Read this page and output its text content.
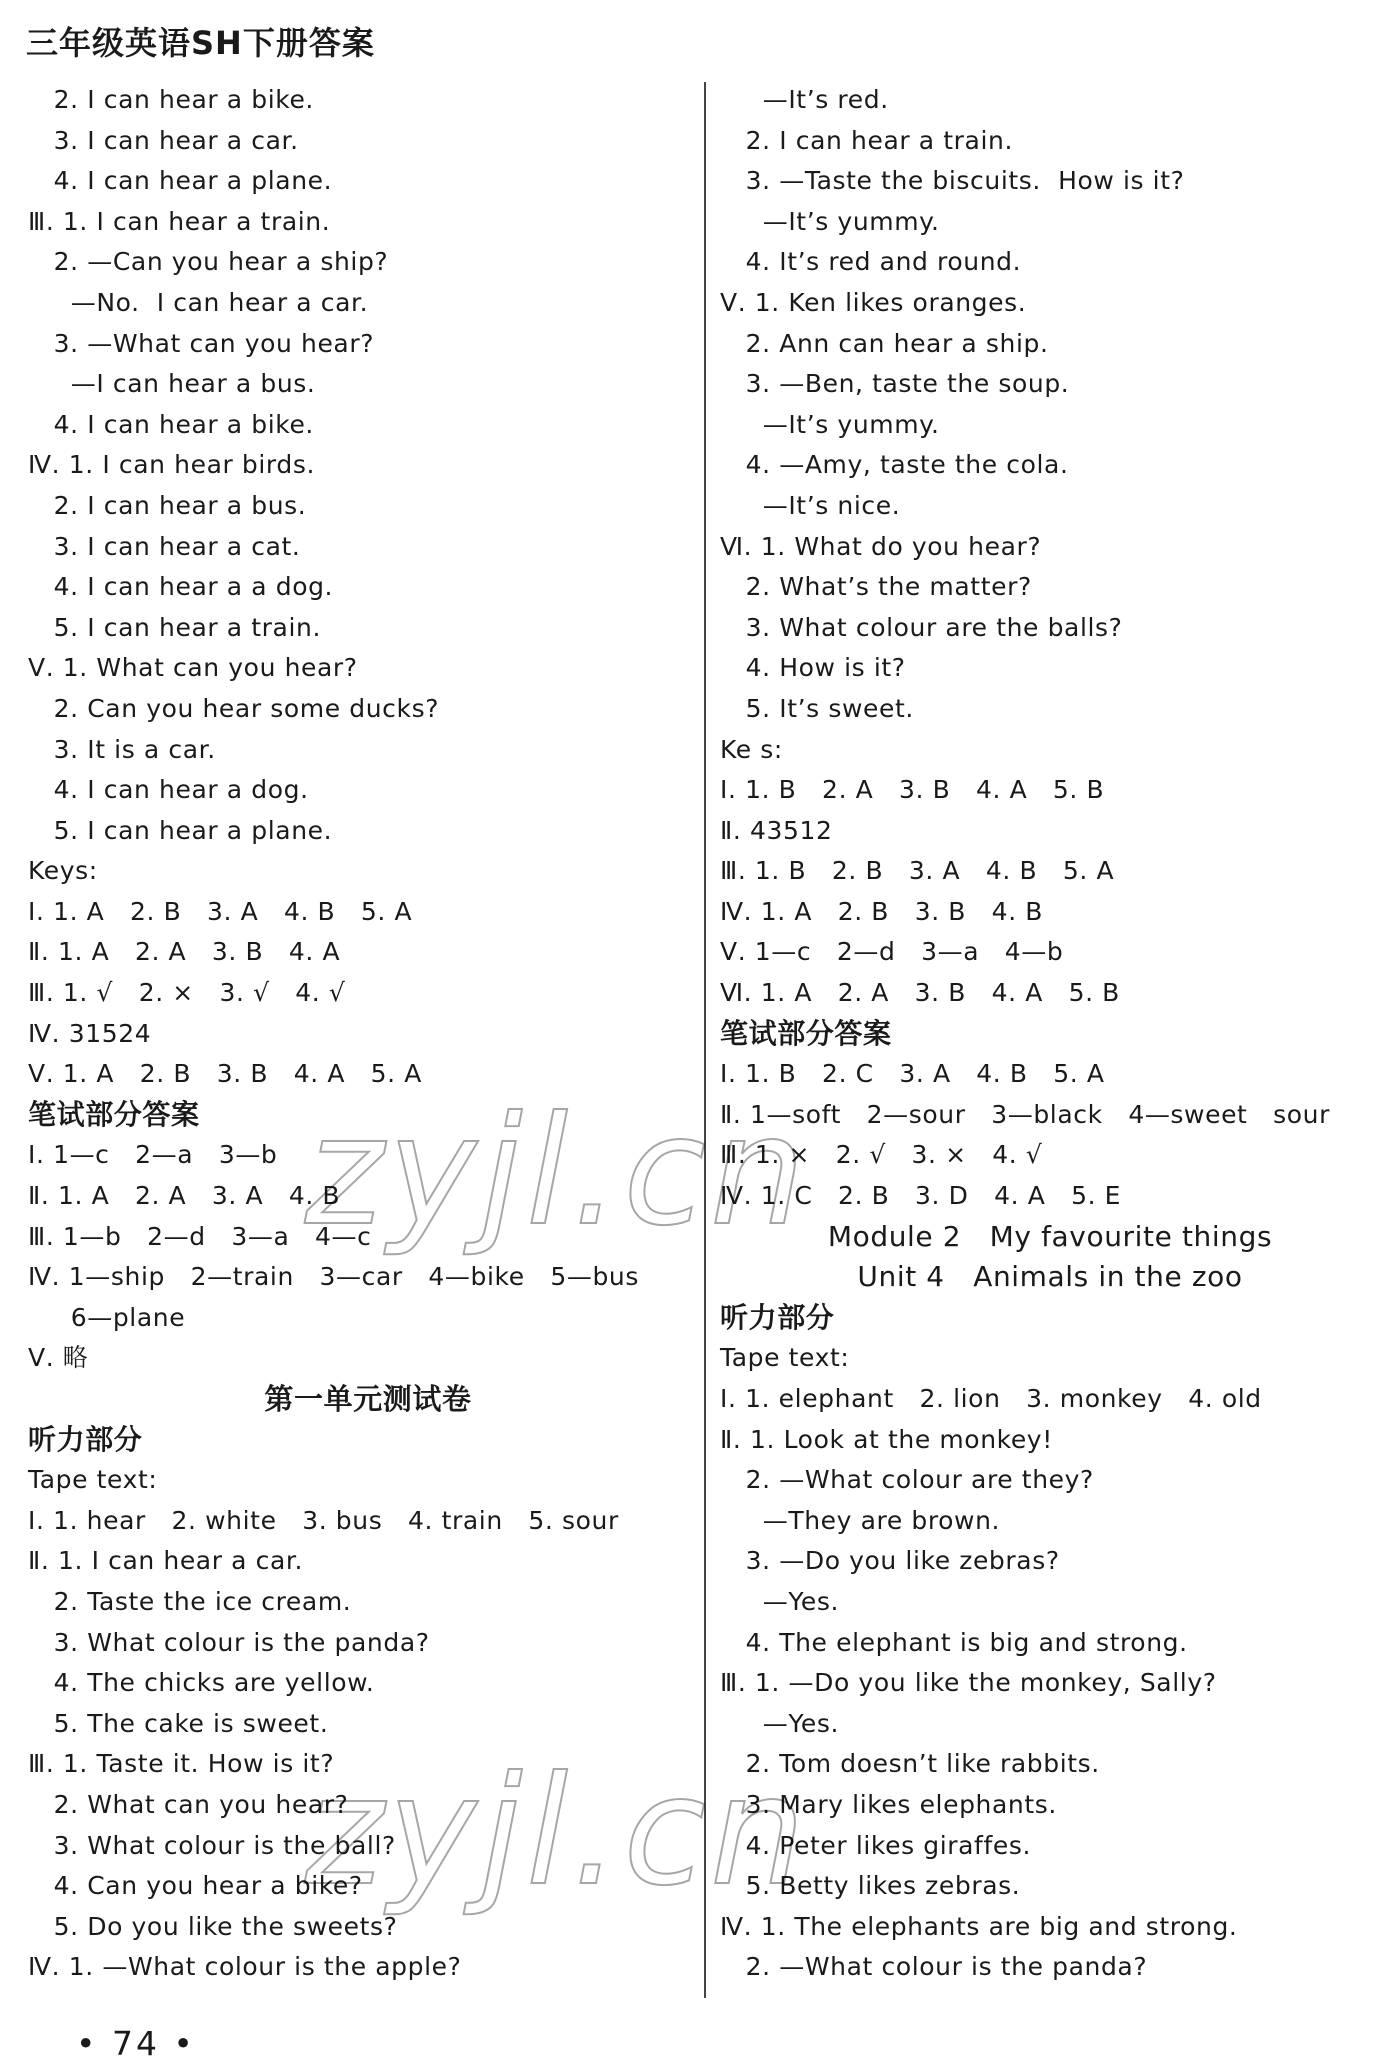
三年级英语SH下册答案
2. I can hear a bike.
3. I can hear a car.
4. I can hear a plane.
Ⅲ. 1. I can hear a train.
2. —Can you hear a ship?
—No.  I can hear a car.
3. —What can you hear?
—I can hear a bus.
4. I can hear a bike.
Ⅳ. 1. I can hear birds.
2. I can hear a bus.
3. I can hear a cat.
4. I can hear a a dog.
5. I can hear a train.
Ⅴ. 1. What can you hear?
2. Can you hear some ducks?
3. It is a car.
4. I can hear a dog.
5. I can hear a plane.
Keys:
Ⅰ. 1. A   2. B   3. A   4. B   5. A
Ⅱ. 1. A   2. A   3. B   4. A
Ⅲ. 1. √   2. ×   3. √   4. √
Ⅳ. 31524
Ⅴ. 1. A   2. B   3. B   4. A   5. A
笔试部分答案
Ⅰ. 1—c   2—a   3—b
Ⅱ. 1. A   2. A   3. A   4. B
Ⅲ. 1—b   2—d   3—a   4—c
Ⅳ. 1—ship   2—train   3—car   4—bike   5—bus
6—plane
Ⅴ. 略
第一单元测试卷
听力部分
Tape text:
Ⅰ. 1. hear   2. white   3. bus   4. train   5. sour
Ⅱ. 1. I can hear a car.
2. Taste the ice cream.
3. What colour is the panda?
4. The chicks are yellow.
5. The cake is sweet.
Ⅲ. 1. Taste it. How is it?
2. What can you hear?
3. What colour is the ball?
4. Can you hear a bike?
5. Do you like the sweets?
Ⅳ. 1. —What colour is the apple?
—It’s red.
2. I can hear a train.
3. —Taste the biscuits.  How is it?
—It’s yummy.
4. It’s red and round.
Ⅴ. 1. Ken likes oranges.
2. Ann can hear a ship.
3. —Ben, taste the soup.
—It’s yummy.
4. —Amy, taste the cola.
—It’s nice.
Ⅵ. 1. What do you hear?
2. What’s the matter?
3. What colour are the balls?
4. How is it?
5. It’s sweet.
Ke s:
Ⅰ. 1. B   2. A   3. B   4. A   5. B
Ⅱ. 43512
Ⅲ. 1. B   2. B   3. A   4. B   5. A
Ⅳ. 1. A   2. B   3. B   4. B
Ⅴ. 1—c   2—d   3—a   4—b
Ⅵ. 1. A   2. A   3. B   4. A   5. B
笔试部分答案
Ⅰ. 1. B   2. C   3. A   4. B   5. A
Ⅱ. 1—soft   2—sour   3—black   4—sweet   sour
Ⅲ. 1. ×   2. √   3. ×   4. √
Ⅳ. 1. C   2. B   3. D   4. A   5. E
Module 2   My favourite things
Unit 4   Animals in the zoo
听力部分
Tape text:
Ⅰ. 1. elephant   2. lion   3. monkey   4. old
Ⅱ. 1. Look at the monkey!
2. —What colour are they?
—They are brown.
3. —Do you like zebras?
—Yes.
4. The elephant is big and strong.
Ⅲ. 1. —Do you like the monkey, Sally?
—Yes.
2. Tom doesn’t like rabbits.
3. Mary likes elephants.
4. Peter likes giraffes.
5. Betty likes zebras.
Ⅳ. 1. The elephants are big and strong.
2. —What colour is the panda?
zyjl.cn
zyjl.cn
• 74 •
